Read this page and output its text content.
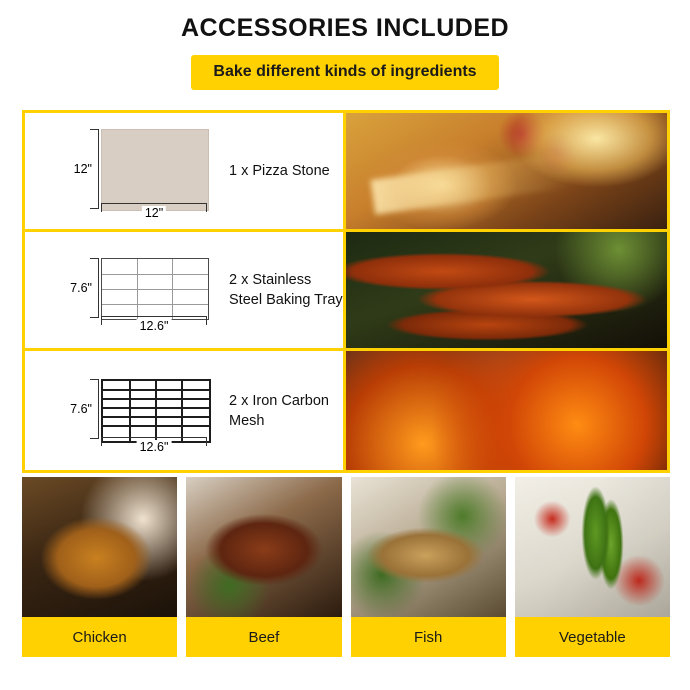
ACCESSORIES INCLUDED
Bake different kinds of ingredients
12"
12"
1 x Pizza Stone
7.6"
12.6"
2 x Stainless Steel Baking Tray
7.6"
12.6"
2 x Iron Carbon Mesh
Chicken	Beef	Fish	Vegetable
